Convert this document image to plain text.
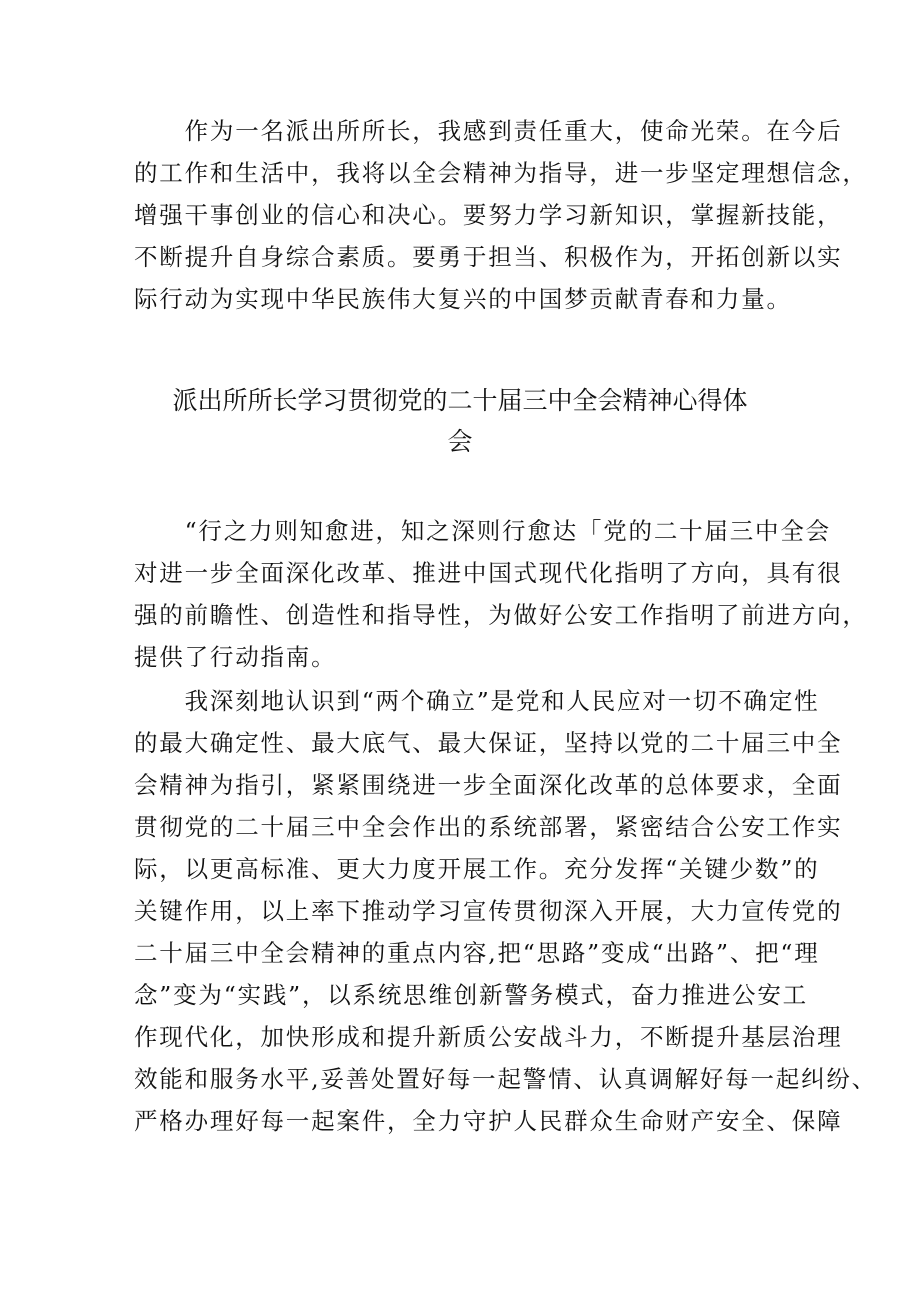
　　作为一名派出所所长，我感到责任重大，使命光荣。在今后
的工作和生活中，我将以全会精神为指导，进一步坚定理想信念，
增强干事创业的信心和决心。要努力学习新知识，掌握新技能，
不断提升自身综合素质。要勇于担当、积极作为，开拓创新以实
际行动为实现中华民族伟大复兴的中国梦贡献青春和力量。
派出所所长学习贯彻党的二十届三中全会精神心得体
会
　　“行之力则知愈进，知之深则行愈达「党的二十届三中全会
对进一步全面深化改革、推进中国式现代化指明了方向，具有很
强的前瞻性、创造性和指导性，为做好公安工作指明了前进方向，
提供了行动指南。
　　我深刻地认识到“两个确立”是党和人民应对一切不确定性
的最大确定性、最大底气、最大保证，坚持以党的二十届三中全
会精神为指引，紧紧围绕进一步全面深化改革的总体要求，全面
贯彻党的二十届三中全会作出的系统部署，紧密结合公安工作实
际，以更高标准、更大力度开展工作。充分发挥“关键少数”的
关键作用，以上率下推动学习宣传贯彻深入开展，大力宣传党的
二十届三中全会精神的重点内容,把“思路”变成“出路”、把“理
念”变为“实践”，以系统思维创新警务模式，奋力推进公安工
作现代化，加快形成和提升新质公安战斗力，不断提升基层治理
效能和服务水平,妥善处置好每一起警情、认真调解好每一起纠纷、
严格办理好每一起案件，全力守护人民群众生命财产安全、保障
